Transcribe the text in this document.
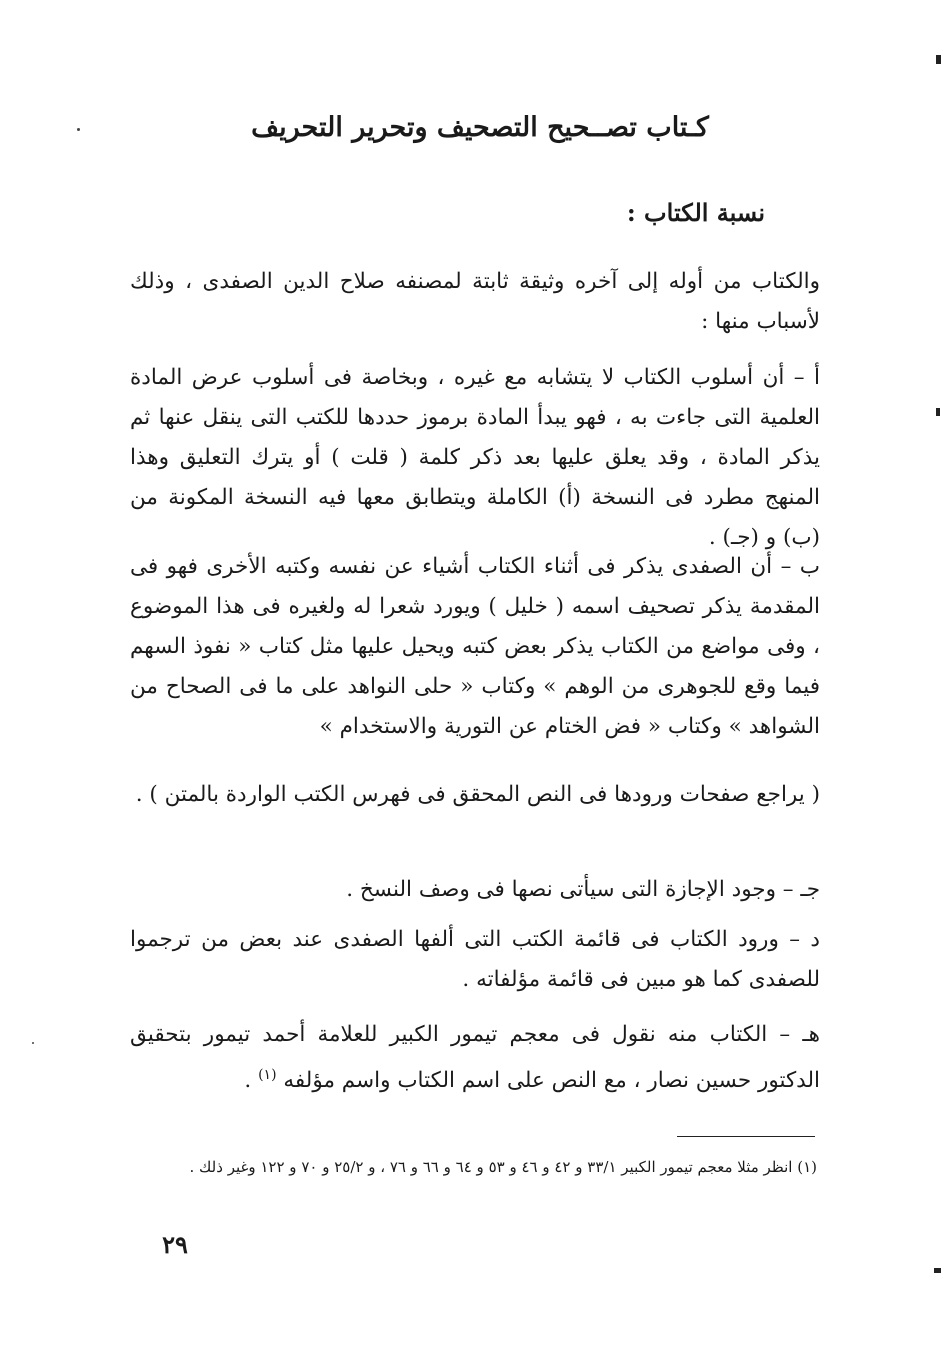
كـتاب تصــحيح التصحيف وتحرير التحريف
نسبة الكتاب :
والكتاب من أوله إلى آخره وثيقة ثابتة لمصنفه صلاح الدين الصفدى ، وذلك لأسباب منها :
أ – أن أسلوب الكتاب لا يتشابه مع غيره ، وبخاصة فى أسلوب عرض المادة العلمية التى جاءت به ، فهو يبدأ المادة برموز حددها للكتب التى ينقل عنها ثم يذكر المادة ، وقد يعلق عليها بعد ذكر كلمة ( قلت ) أو يترك التعليق وهذا المنهج مطرد فى النسخة (أ) الكاملة ويتطابق معها فيه النسخة المكونة من (ب) و (جـ) .
ب – أن الصفدى يذكر فى أثناء الكتاب أشياء عن نفسه وكتبه الأخرى فهو فى المقدمة يذكر تصحيف اسمه ( خليل ) ويورد شعرا له ولغيره فى هذا الموضوع ، وفى مواضع من الكتاب يذكر بعض كتبه ويحيل عليها مثل كتاب « نفوذ السهم فيما وقع للجوهرى من الوهم » وكتاب « حلى النواهد على ما فى الصحاح من الشواهد » وكتاب « فض الختام عن التورية والاستخدام »
( يراجع صفحات ورودها فى النص المحقق فى فهرس الكتب الواردة بالمتن ) .
جـ – وجود الإجازة التى سيأتى نصها فى وصف النسخ .
د – ورود الكتاب فى قائمة الكتب التى ألفها الصفدى عند بعض من ترجموا للصفدى كما هو مبين فى قائمة مؤلفاته .
هـ – الكتاب منه نقول فى معجم تيمور الكبير للعلامة أحمد تيمور بتحقيق الدكتور حسين نصار ، مع النص على اسم الكتاب واسم مؤلفه $^{(١)}$ .
(١) انظر مثلا معجم تيمور الكبير ٣٣/١ و ٤٢ و ٤٦ و ٥٣ و ٦٤ و ٦٦ و ٧٦ ، و ٢٥/٢ و ٧٠ و ١٢٢ وغير ذلك .
٢٩
